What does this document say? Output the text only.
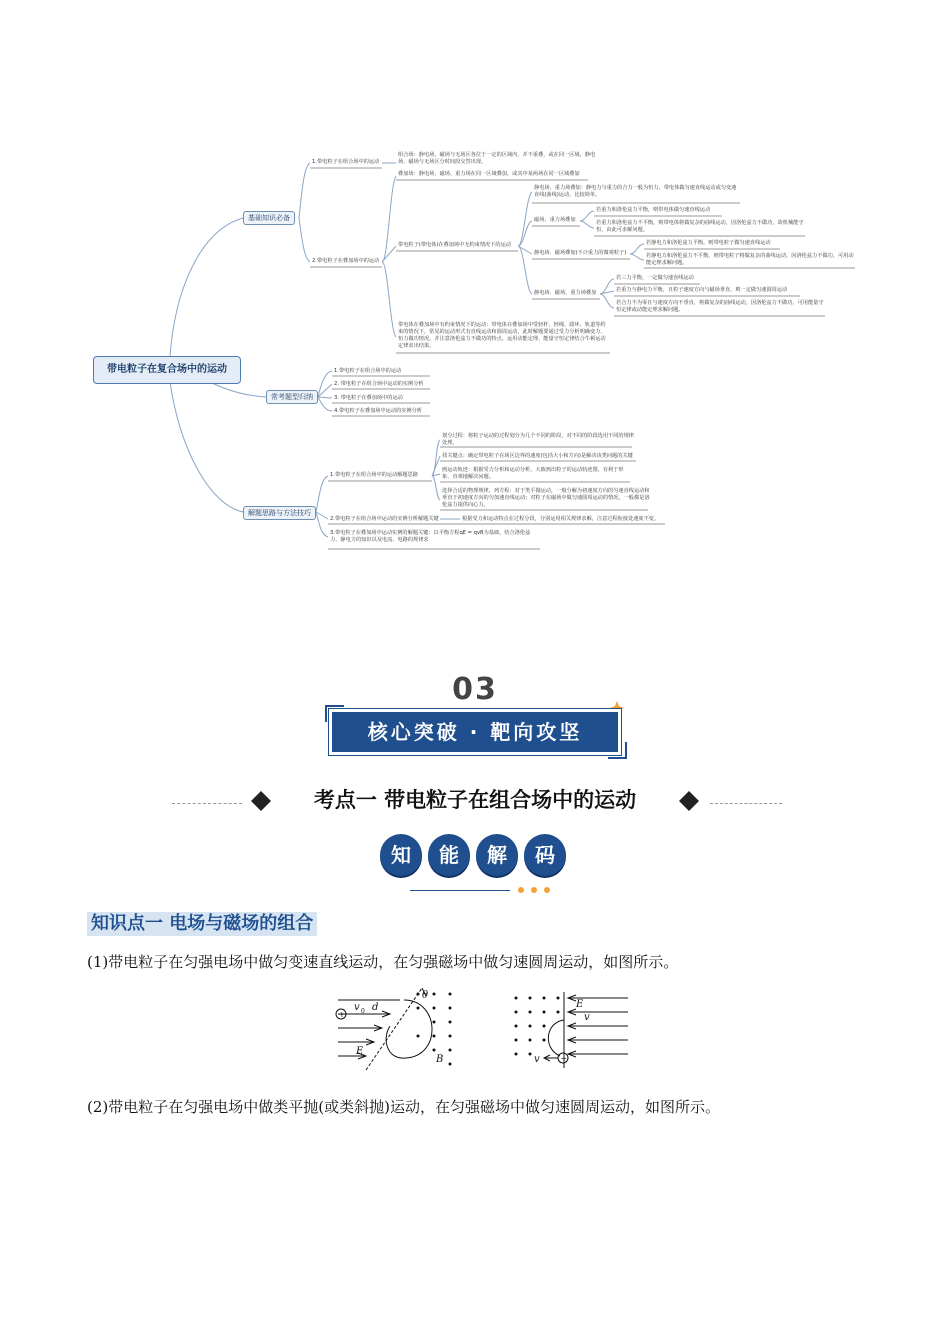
带电粒子在复合场中的运动
基础知识必备
常考题型归纳
解题思路与方法技巧
1.带电粒子在组合场中的运动
组合场：静电场、磁场与无场区各位于一定的区域内，并不重叠，或在同一区域，静电场、磁场与无场区分时间段交替出现。
2.带电粒子在叠加场中的运动
叠加场：静电场、磁场、重力场在同一区域叠加，或其中某两场在同一区域叠加
带电粒子(带电体)在叠加场中无约束情况下的运动
静电场、重力场叠加：静电力与重力的合力一般为恒力，带电体做匀速直线运动或匀变速直线(曲线)运动，比较简单。
磁场、重力场叠加
若重力和洛伦兹力平衡，则带电体做匀速直线运动
若重力和洛伦兹力不平衡，则带电体将做复杂的曲线运动，因洛伦兹力不做功，故机械能守恒，由此可求解问题。
静电场、磁场叠加(不计重力的微观粒子)
若静电力和洛伦兹力平衡，则带电粒子做匀速直线运动
若静电力和洛伦兹力不平衡，则带电粒子将做复杂的曲线运动，因洛伦兹力不做功，可用动能定理求解问题。
静电场、磁场、重力场叠加
若三力平衡，一定做匀速直线运动
若重力与静电力平衡，且粒子速度方向与磁场垂直，则一定做匀速圆周运动
若合力不为零且与速度方向不垂直，将做复杂的曲线运动，因洛伦兹力不做功，可用能量守恒定律或动能定理求解问题。
带电体在叠加场中有约束情况下的运动：带电体在叠加场中受轻杆、轻绳、圆环、轨道等约束的情况下，常见的运动形式有直线运动和圆周运动，此时解题要通过受力分析明确变力、恒力做功情况，并注意洛伦兹力不做功的特点，运用动能定理、能量守恒定律结合牛顿运动定律求出结果。
1.带电粒子在组合场中的运动
2. 带电粒子在组合场中运动的实例分析
3. 带电粒子在叠加场中的运动
4.带电粒子在叠加场中运动的实例分析
1.带电粒子在组合场中的运动解题思路
划分过程：将粒子运动的过程划分为几个不同的阶段，对不同的阶段选用不同的规律处理。
找关键点：确定带电粒子在场区边界的速度(包括大小和方向)是解决该类问题的关键
画运动轨迹：根据受力分析和运动分析，大致画出粒子的运动轨迹图，有利于形象、直观地解决问题。
选择合适的物理规律，列方程：对于类平抛运动，一般分解为初速度方向的匀速直线运动和垂直于初速度方向的匀加速直线运动；对粒子在磁场中做匀速圆周运动的情况，一般都是洛伦兹力提供向心力。
2.带电粒子在组合场中运动的实例分析解题关键	根据受力和运动特点在过程分段，分别运用相关规律求解，注意过程衔接处速度不变。
3.带电粒子在叠加场中运动实例的解题关键：以平衡方程qE = qvB为基础，结合洛伦兹力、静电力的知识以及电流、电路的规律求
03
核心突破 · 靶向攻坚
考点一 带电粒子在组合场中的运动
知	能	解	码
知识点一 电场与磁场的组合
(1)带电粒子在匀强电场中做匀变速直线运动，在匀强磁场中做匀速圆周运动，如图所示。
+
v 0 d
θ
E
B	+
E
v
v
(2)带电粒子在匀强电场中做类平抛(或类斜抛)运动，在匀强磁场中做匀速圆周运动，如图所示。
